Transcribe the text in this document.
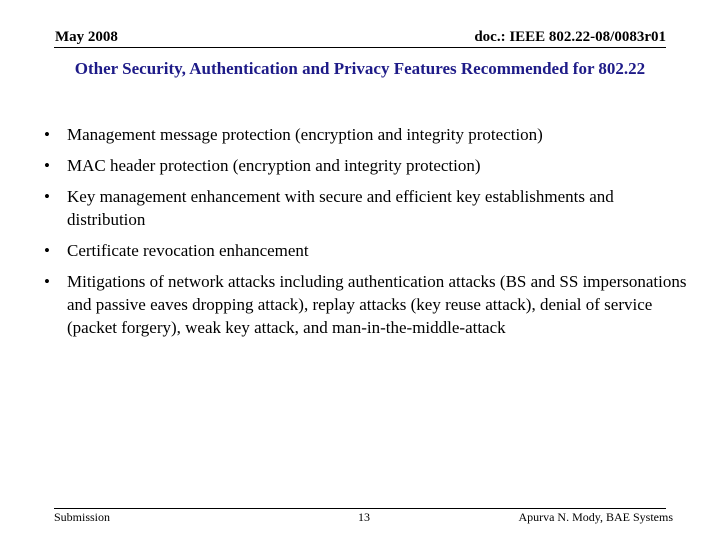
May 2008	doc.: IEEE 802.22-08/0083r01
Other Security, Authentication and Privacy Features Recommended for 802.22
• Management message protection (encryption and integrity protection)
• MAC header protection (encryption and integrity protection)
• Key management enhancement with secure and efficient key establishments and distribution
• Certificate revocation enhancement
• Mitigations of network attacks including authentication attacks (BS and SS impersonations and passive eaves dropping attack), replay attacks (key reuse attack), denial of service (packet forgery), weak key attack, and man-in-the-middle-attack
Submission	13	Apurva N. Mody, BAE Systems
